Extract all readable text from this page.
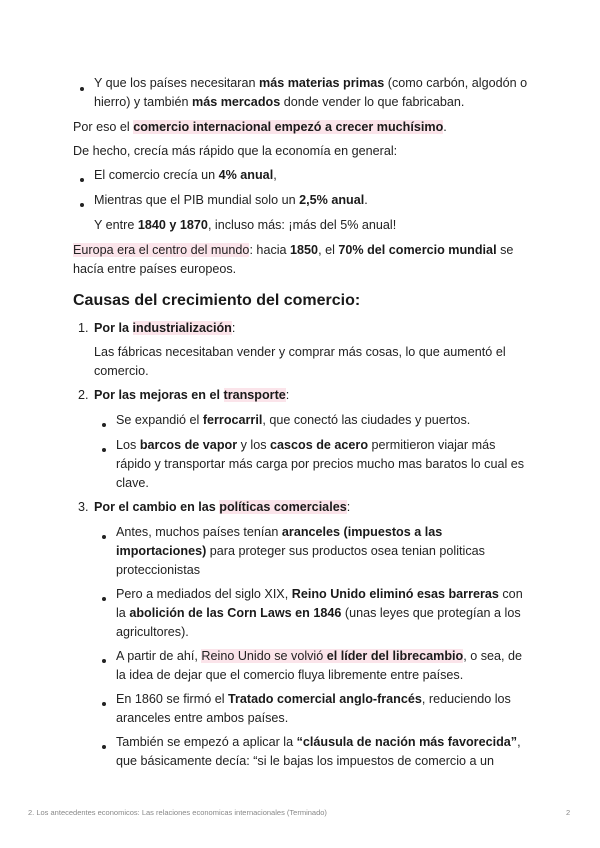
Y que los países necesitaran más materias primas (como carbón, algodón o hierro) y también más mercados donde vender lo que fabricaban.

Por eso el comercio internacional empezó a crecer muchísimo.

De hecho, crecía más rápido que la economía en general:

El comercio crecía un 4% anual,

Mientras que el PIB mundial solo un 2,5% anual.

Y entre 1840 y 1870, incluso más: ¡más del 5% anual!

Europa era el centro del mundo: hacia 1850, el 70% del comercio mundial se hacía entre países europeos.

Causas del crecimiento del comercio:
1. Por la industrialización:

Las fábricas necesitaban vender y comprar más cosas, lo que aumentó el comercio.

2. Por las mejoras en el transporte:

Se expandió el ferrocarril, que conectó las ciudades y puertos.

Los barcos de vapor y los cascos de acero permitieron viajar más rápido y transportar más carga por precios mucho mas baratos lo cual es clave.

3. Por el cambio en las políticas comerciales:

Antes, muchos países tenían aranceles (impuestos a las importaciones) para proteger sus productos osea tenian politicas proteccionistas

Pero a mediados del siglo XIX, Reino Unido eliminó esas barreras con la abolición de las Corn Laws en 1846 (unas leyes que protegían a los agricultores).

A partir de ahí, Reino Unido se volvió el líder del librecambio, o sea, de la idea de dejar que el comercio fluya libremente entre países.

En 1860 se firmó el Tratado comercial anglo-francés, reduciendo los aranceles entre ambos países.

También se empezó a aplicar la “cláusula de nación más favorecida”, que básicamente decía: “si le bajas los impuestos de comercio a un

2. Los antecedentes economicos: Las relaciones economicas internacionales (Terminado)	2
